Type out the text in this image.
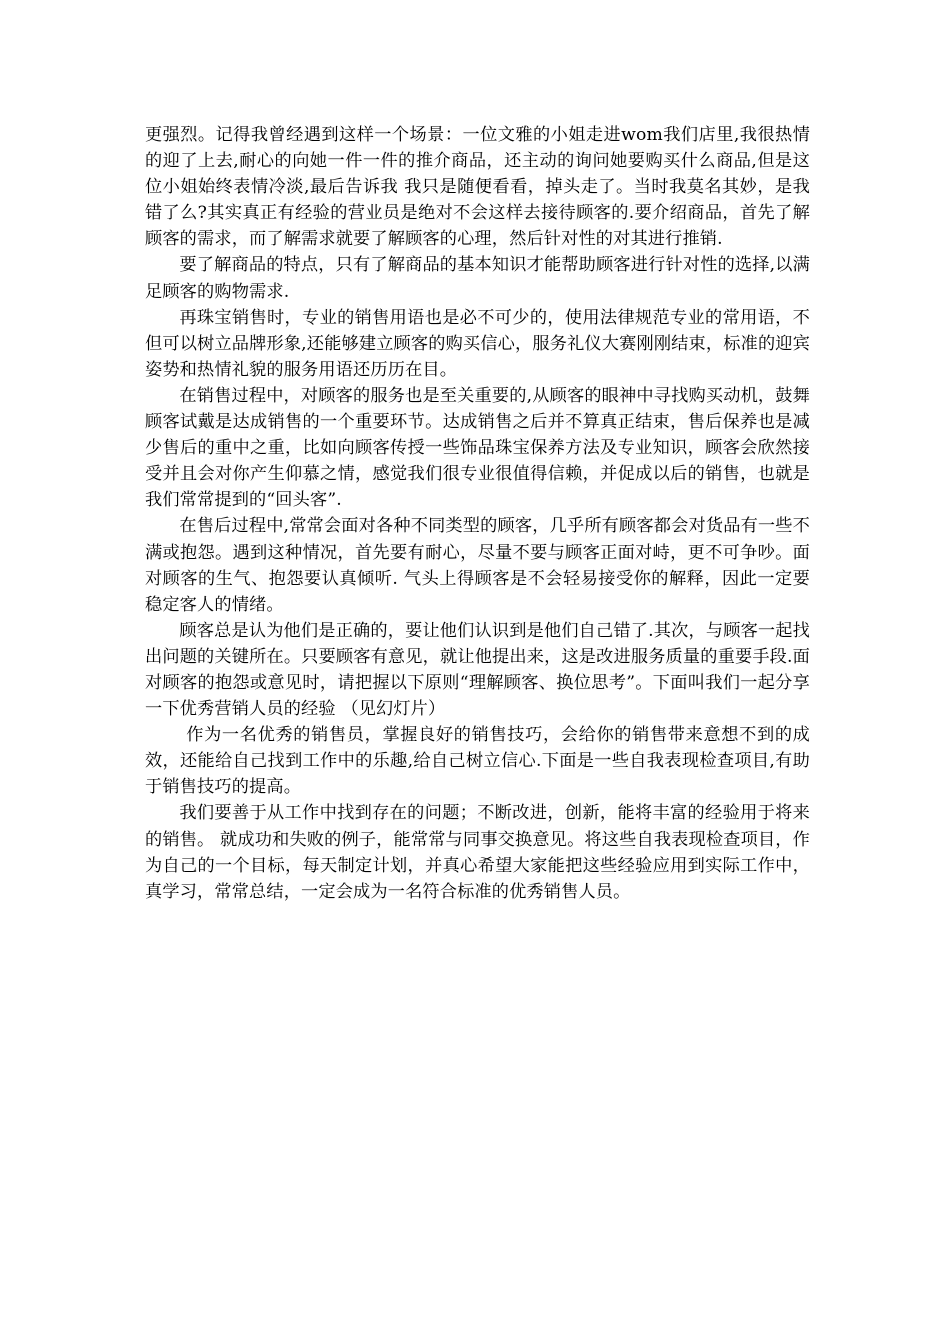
更强烈。记得我曾经遇到这样一个场景：一位文雅的小姐走进wom我们店里,我很热情的迎了上去,耐心的向她一件一件的推介商品，还主动的询问她要购买什么商品,但是这位小姐始终表情冷淡,最后告诉我 我只是随便看看，掉头走了。当时我莫名其妙，是我错了么?其实真正有经验的营业员是绝对不会这样去接待顾客的.要介绍商品，首先了解顾客的需求，而了解需求就要了解顾客的心理，然后针对性的对其进行推销.

要了解商品的特点，只有了解商品的基本知识才能帮助顾客进行针对性的选择,以满足顾客的购物需求.

再珠宝销售时，专业的销售用语也是必不可少的，使用法律规范专业的常用语，不但可以树立品牌形象,还能够建立顾客的购买信心，服务礼仪大赛刚刚结束，标准的迎宾姿势和热情礼貌的服务用语还历历在目。

在销售过程中，对顾客的服务也是至关重要的,从顾客的眼神中寻找购买动机，鼓舞顾客试戴是达成销售的一个重要环节。达成销售之后并不算真正结束，售后保养也是减少售后的重中之重，比如向顾客传授一些饰品珠宝保养方法及专业知识，顾客会欣然接受并且会对你产生仰慕之情，感觉我们很专业很值得信赖，并促成以后的销售，也就是我们常常提到的“回头客”.

在售后过程中,常常会面对各种不同类型的顾客，几乎所有顾客都会对货品有一些不满或抱怨。遇到这种情况，首先要有耐心，尽量不要与顾客正面对峙，更不可争吵。面对顾客的生气、抱怨要认真倾听. 气头上得顾客是不会轻易接受你的解释，因此一定要稳定客人的情绪。

顾客总是认为他们是正确的，要让他们认识到是他们自己错了.其次，与顾客一起找出问题的关键所在。只要顾客有意见，就让他提出来，这是改进服务质量的重要手段.面对顾客的抱怨或意见时，请把握以下原则“理解顾客、换位思考”。下面叫我们一起分享一下优秀营销人员的经验 （见幻灯片）

作为一名优秀的销售员，掌握良好的销售技巧，会给你的销售带来意想不到的成效，还能给自己找到工作中的乐趣,给自己树立信心.下面是一些自我表现检查项目,有助于销售技巧的提高。

我们要善于从工作中找到存在的问题；不断改进，创新，能将丰富的经验用于将来的销售。 就成功和失败的例子，能常常与同事交换意见。将这些自我表现检查项目，作为自己的一个目标，每天制定计划，并真心希望大家能把这些经验应用到实际工作中，真学习，常常总结，一定会成为一名符合标准的优秀销售人员。
